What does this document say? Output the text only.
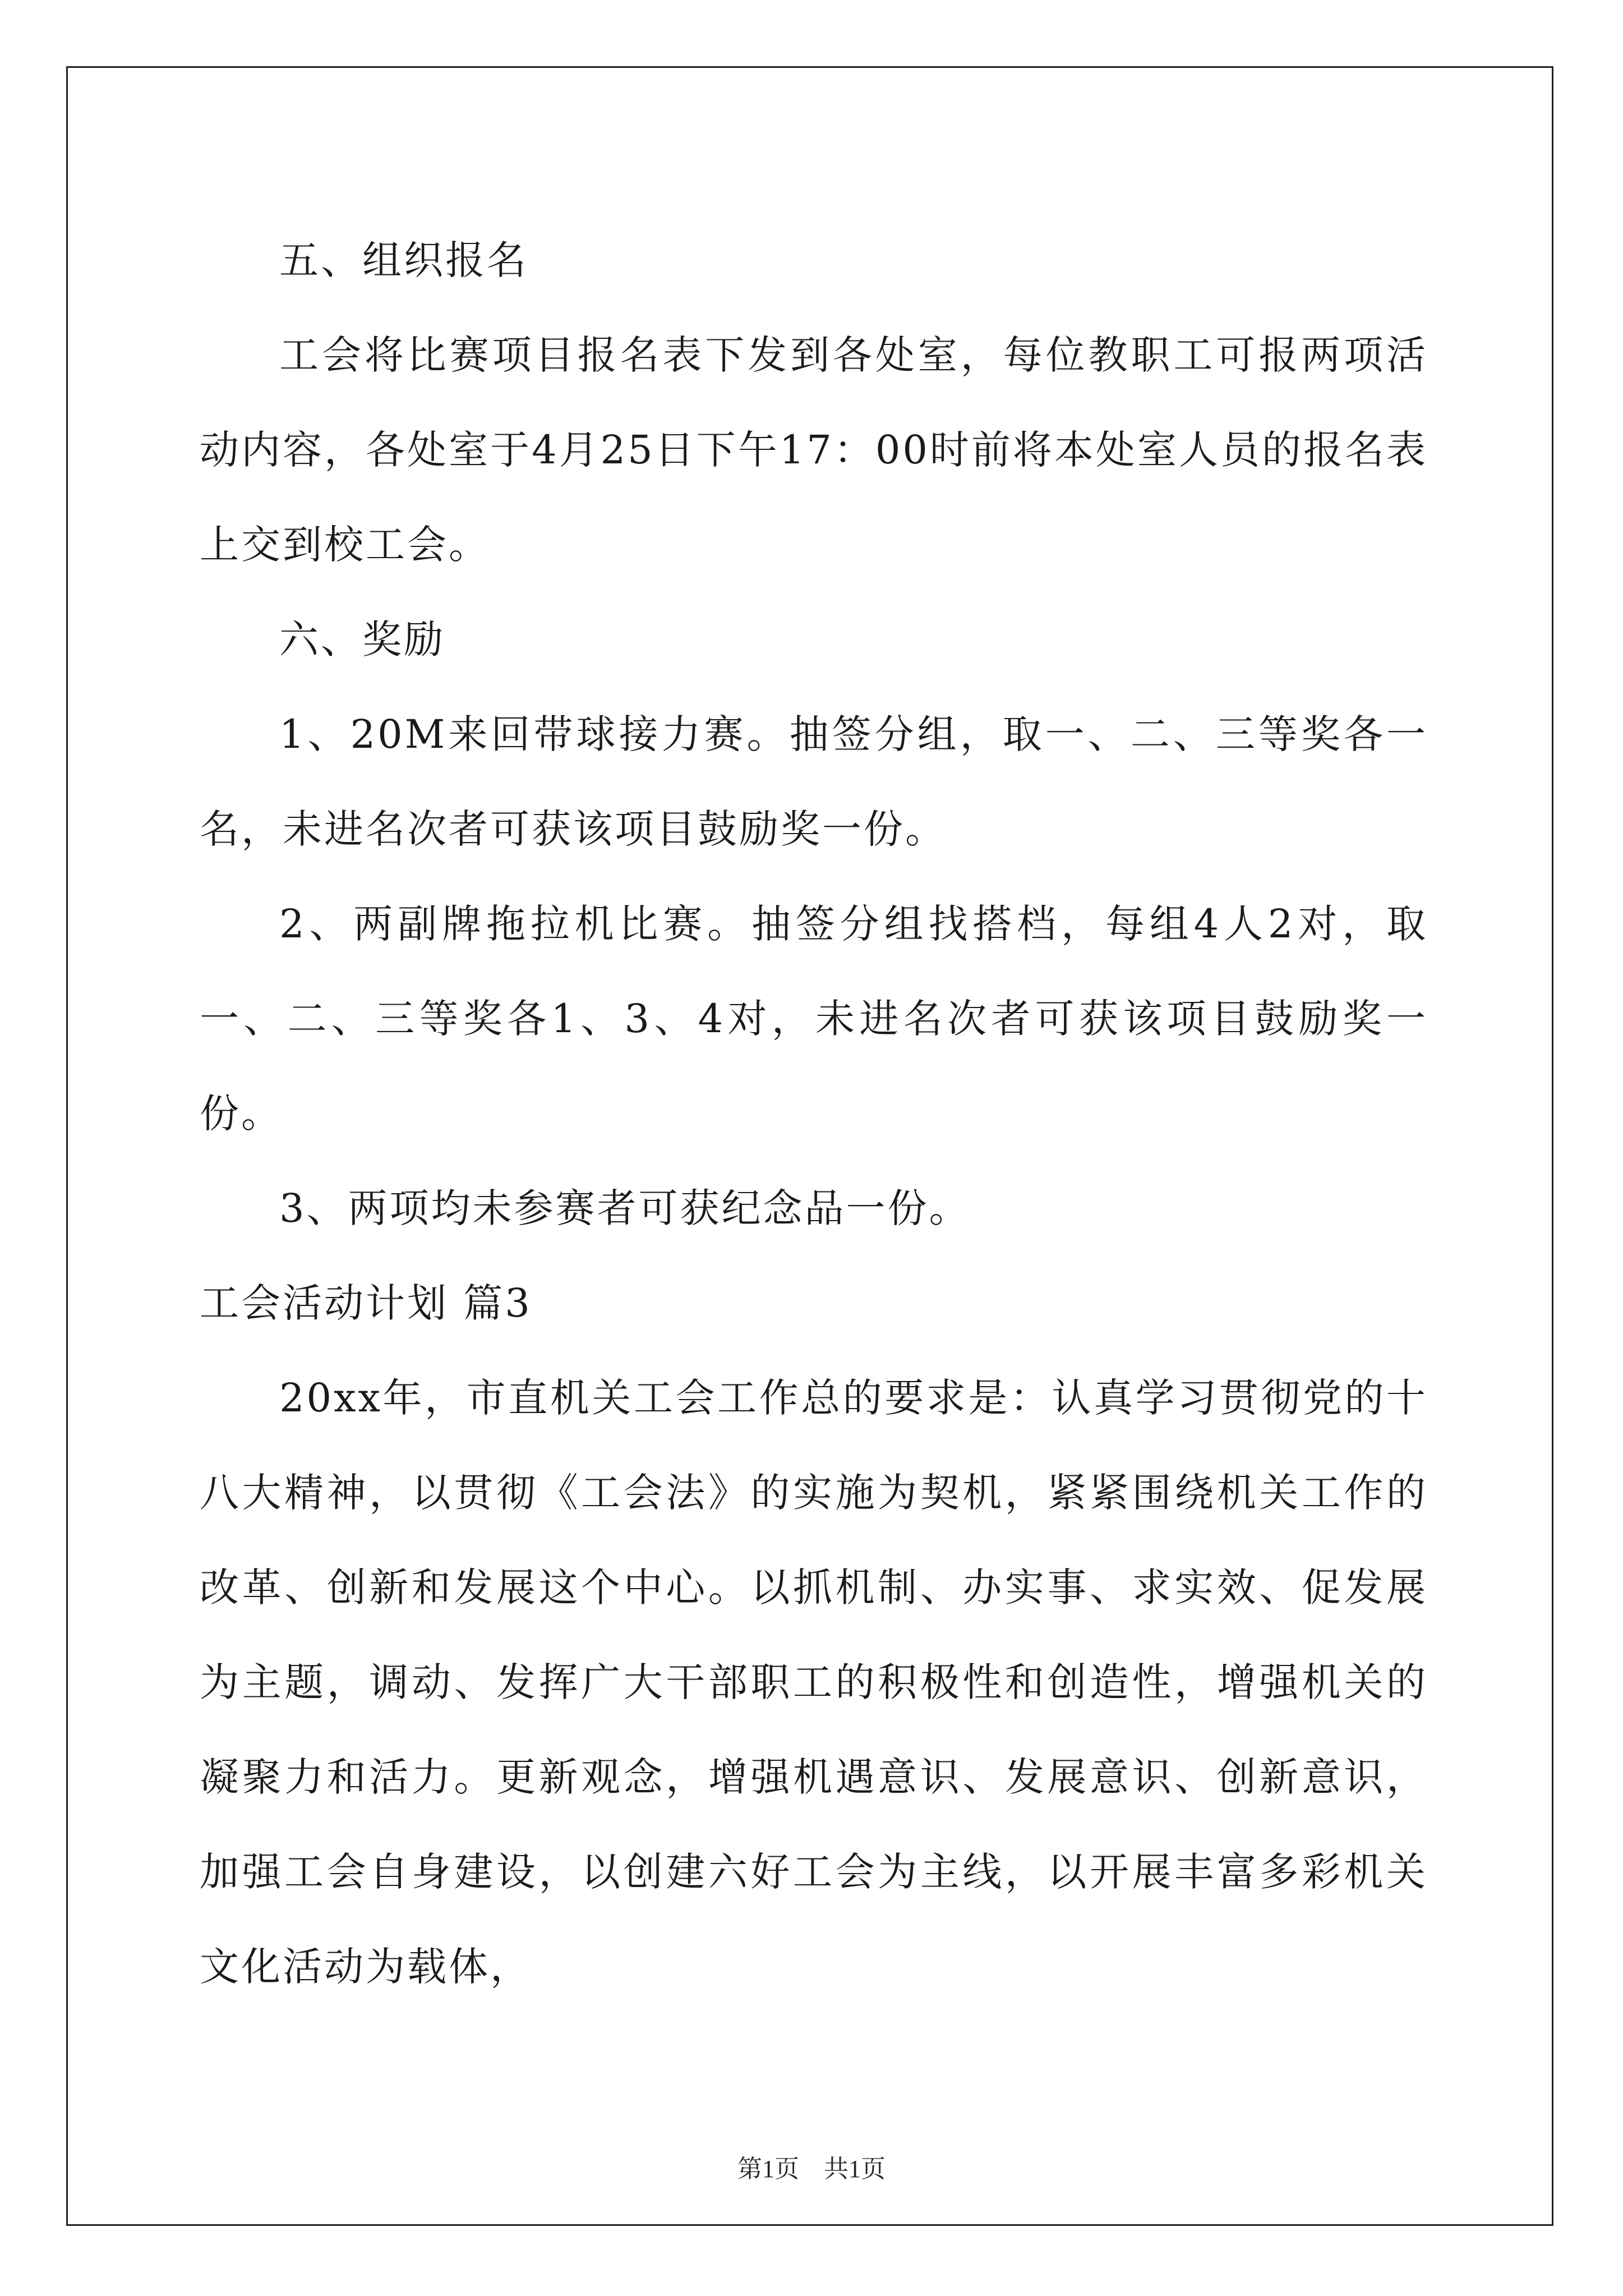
五、组织报名

工会将比赛项目报名表下发到各处室，每位教职工可报两项活动内容，各处室于4月25日下午17：00时前将本处室人员的报名表上交到校工会。

六、奖励

1、20M来回带球接力赛。抽签分组，取一、二、三等奖各一名，未进名次者可获该项目鼓励奖一份。

2、两副牌拖拉机比赛。抽签分组找搭档，每组4人2对，取一、二、三等奖各1、3、4对，未进名次者可获该项目鼓励奖一份。

3、两项均未参赛者可获纪念品一份。

工会活动计划 篇3

20xx年，市直机关工会工作总的要求是：认真学习贯彻党的十八大精神，以贯彻《工会法》的实施为契机，紧紧围绕机关工作的改革、创新和发展这个中心。以抓机制、办实事、求实效、促发展为主题，调动、发挥广大干部职工的积极性和创造性，增强机关的凝聚力和活力。更新观念，增强机遇意识、发展意识、创新意识，加强工会自身建设，以创建六好工会为主线，以开展丰富多彩机关文化活动为载体，

第1页　共1页
